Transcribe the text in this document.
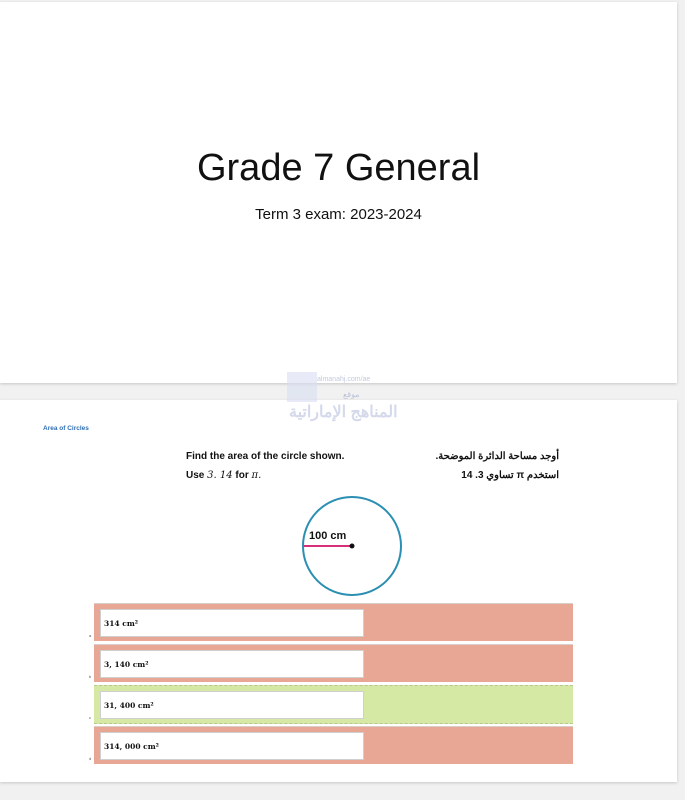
Grade 7 General
Term 3 exam: 2023-2024
Area of Circles
Find the area of the circle shown.
Use 3. 14 for π.
أوجد مساحة الدائرة الموضحة.
استخدم π تساوي 3. 14
100 cm
a
314 cm²
b
3, 140 cm²
c
31, 400 cm²
d
314, 000 cm²
almanahj.com/ae
موقع
المناهج الإماراتية
